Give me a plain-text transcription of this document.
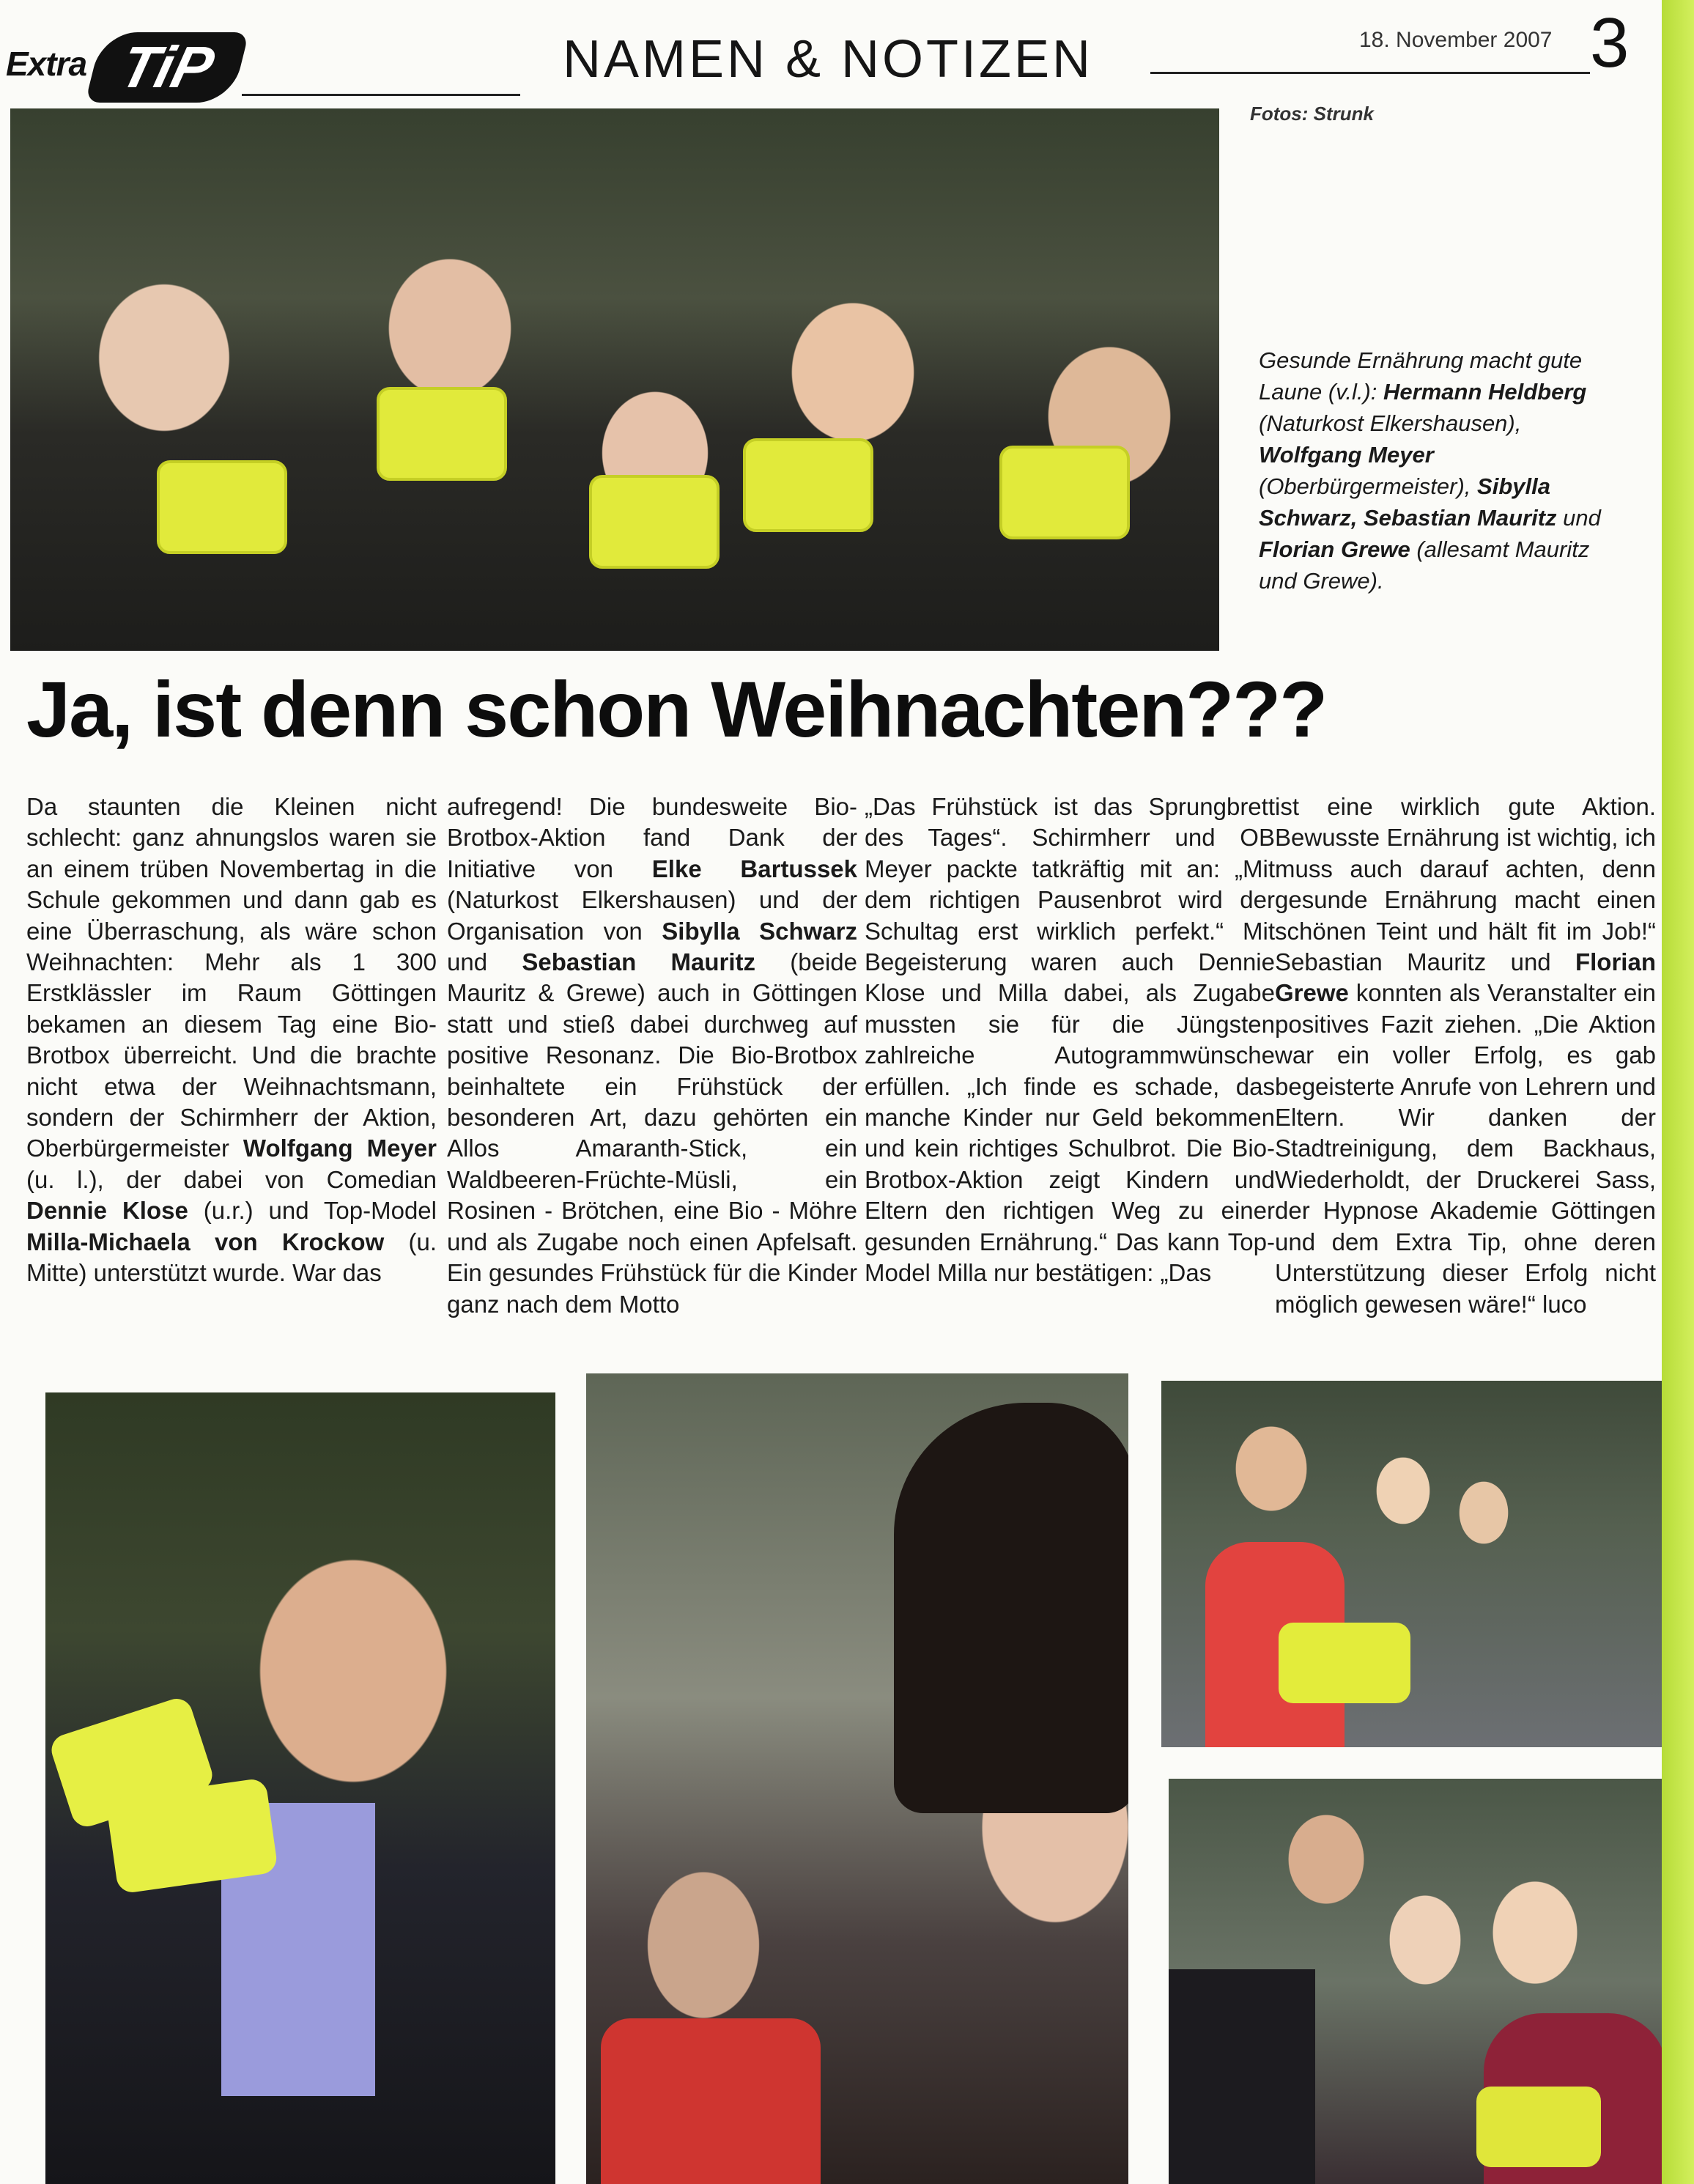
Extra TiP	NAMEN & NOTIZEN	18. November 2007 3
Fotos: Strunk
Gesunde Ernährung macht gute Laune (v.l.): Hermann Heldberg (Naturkost Elkershausen), Wolfgang Meyer (Oberbürgermeister), Sibylla Schwarz, Sebastian Mauritz und Florian Grewe (allesamt Mauritz und Grewe).
Ja, ist denn schon Weihnachten???

Da staunten die Kleinen nicht schlecht: ganz ahnungslos waren sie an einem trüben Novembertag in die Schule gekommen und dann gab es eine Überraschung, als wäre schon Weihnachten: Mehr als 1 300 Erstklässler im Raum Göttingen bekamen an diesem Tag eine Bio-Brotbox überreicht. Und die brachte nicht etwa der Weihnachtsmann, sondern der Schirmherr der Aktion, Oberbürgermeister Wolfgang Meyer (u. l.), der dabei von Comedian Dennie Klose (u.r.) und Top-Model Milla-Michaela von Krockow (u. Mitte) unterstützt wurde. War das

aufregend! Die bundesweite Bio-Brotbox-Aktion fand Dank der Initiative von Elke Bartussek (Naturkost Elkershausen) und der Organisation von Sibylla Schwarz und Sebastian Mauritz (beide Mauritz & Grewe) auch in Göttingen statt und stieß dabei durchweg auf positive Resonanz. Die Bio-Brotbox beinhaltete ein Frühstück der besonderen Art, dazu gehörten ein Allos Amaranth-Stick, ein Waldbeeren-Früchte-Müsli, ein Rosinen - Brötchen, eine Bio - Möhre und als Zugabe noch einen Apfelsaft. Ein gesundes Frühstück für die Kinder ganz nach dem Motto

„Das Frühstück ist das Sprungbrett des Tages“. Schirmherr und OB Meyer packte tatkräftig mit an: „Mit dem richtigen Pausenbrot wird der Schultag erst wirklich perfekt.“ Mit Begeisterung waren auch Dennie Klose und Milla dabei, als Zugabe mussten sie für die Jüngsten zahlreiche Autogrammwünsche erfüllen. „Ich finde es schade, das manche Kinder nur Geld bekommen und kein richtiges Schulbrot. Die Bio-Brotbox-Aktion zeigt Kindern und Eltern den richtigen Weg zu einer gesunden Ernährung.“ Das kann Top-Model Milla nur bestätigen: „Das

ist eine wirklich gute Aktion. Bewusste Ernährung ist wichtig, ich muss auch darauf achten, denn gesunde Ernährung macht einen schönen Teint und hält fit im Job!“ Sebastian Mauritz und Florian Grewe konnten als Veranstalter ein positives Fazit ziehen. „Die Aktion war ein voller Erfolg, es gab begeisterte Anrufe von Lehrern und Eltern. Wir danken der Stadtreinigung, dem Backhaus, Wiederholdt, der Druckerei Sass, der Hypnose Akademie Göttingen und dem Extra Tip, ohne deren Unterstützung dieser Erfolg nicht möglich gewesen wäre!“ luco
